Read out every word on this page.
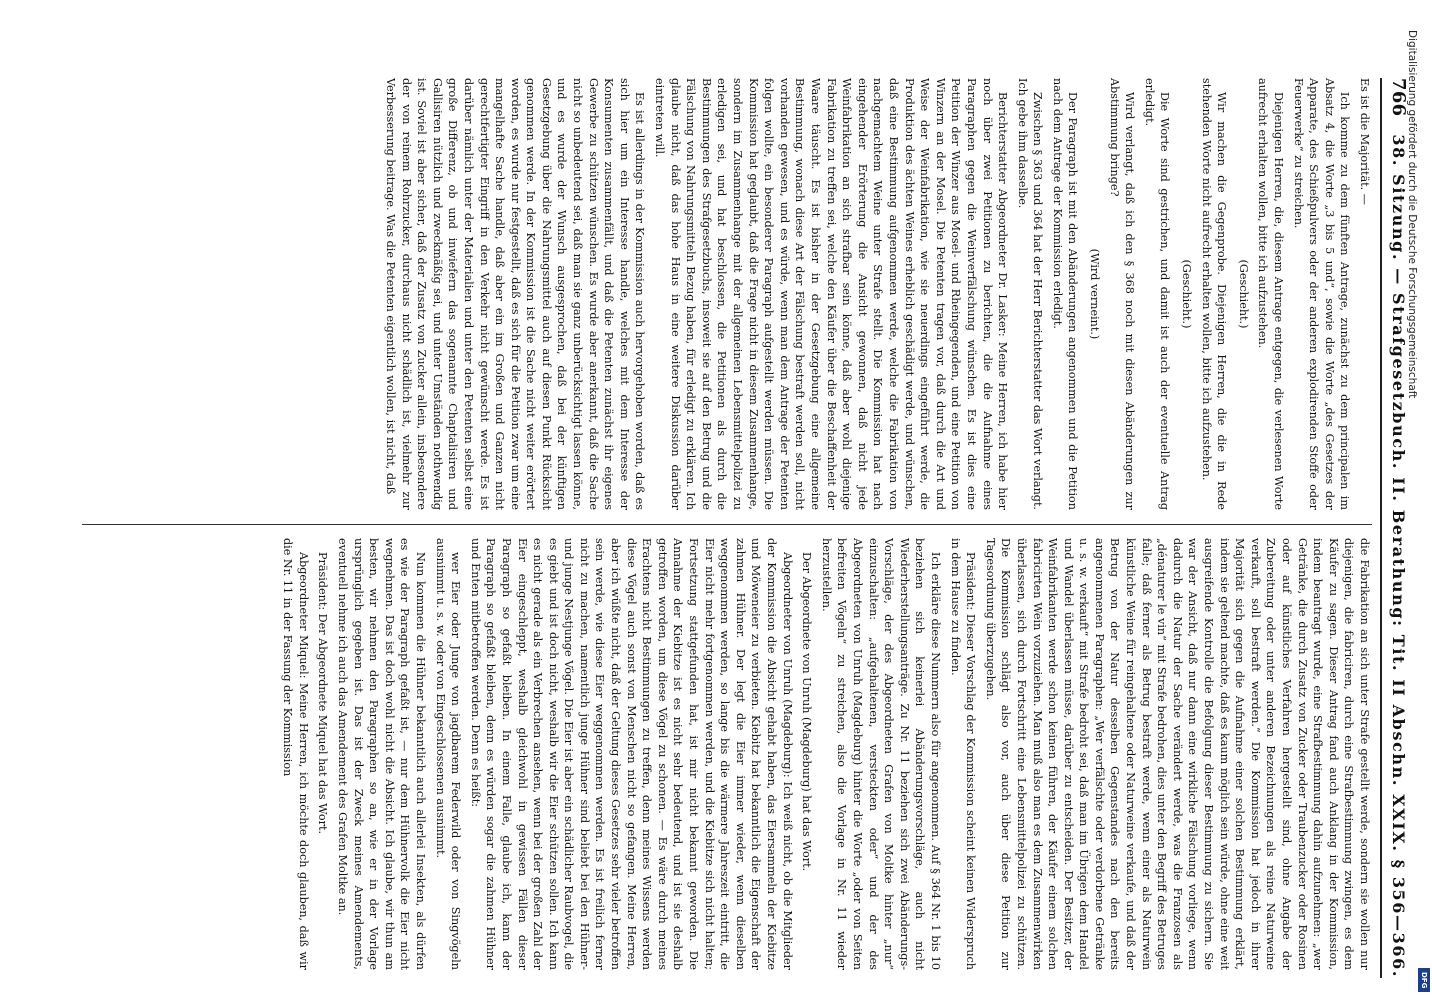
766
38. Sitzung. — Strafgesetzbuch. II. Berathung: Tit. II Abschn. XXIX. § 356—366.

Es ist die Majorität. —

Ich komme zu dem fünften Antrage, zunächst zu dem principalen im Absatz 4, die Worte „3 bis 5 und“, sowie die Worte „des Gesetzes der Apparate, des Schießpulvers oder der anderen explodirenden Stoffe oder Feuerwerke“ zu streichen.

Diejenigen Herren, die, diesem Antrage entgegen, die verlesenen Worte aufrecht erhalten wollen, bitte ich aufzustehen.

(Geschieht.)

Wir machen die Gegenprobe. Diejenigen Herren, die die in Rede stehenden Worte nicht aufrecht erhalten wollen, bitte ich aufzustehen.

(Geschieht.)

Die Worte sind gestrichen, und damit ist auch der eventuelle Antrag erledigt.

Wird verlangt, daß ich den § 368 noch mit diesen Abänderungen zur Abstimmung bringe?

(Wird verneint.)

Der Paragraph ist mit den Abänderungen angenommen und die Petition nach dem Antrage der Kommission erledigt.

Zwischen § 363 und 364 hat der Herr Berichterstatter das Wort verlangt. Ich gebe ihm dasselbe.

Berichterstatter Abgeordneter Dr. Lasker: Meine Herren, ich habe hier noch über zwei Petitionen zu berichten, die die Aufnahme eines Paragraphen gegen die Weinverfälschung wünschen. Es ist dies eine Petition der Winzer aus Mosel- und Rheingegenden, und eine Petition von Winzern an der Mosel. Die Petenten tragen vor, daß durch die Art und Weise der Weinfabrikation, wie sie neuerdings eingeführt werde, die Produktion des ächten Weines erheblich geschädigt werde, und wünschen, daß eine Bestimmung aufgenommen werde, welche die Fabrikation von nachgemachtem Weine unter Strafe stellt. Die Kommission hat nach eingehender Erörterung die Ansicht gewonnen, daß nicht jede Weinfabrikation an sich strafbar sein könne, daß aber wohl diejenige Fabrikation zu treffen sei, welche den Käufer über die Beschaffenheit der Waare täuscht. Es ist bisher in der Gesetzgebung eine allgemeine Bestimmung, wonach diese Art der Fälschung bestraft werden soll, nicht vorhanden gewesen, und es würde, wenn man dem Antrage der Petenten folgen wollte, ein besonderer Paragraph aufgestellt werden müssen. Die Kommission hat geglaubt, daß die Frage nicht in diesem Zusammenhange, sondern im Zusammenhange mit der allgemeinen Lebensmittelpolizei zu erledigen sei, und hat beschlossen, die Petitionen als durch die Bestimmungen des Strafgesetzbuchs, insoweit sie auf den Betrug und die Fälschung von Nahrungsmitteln Bezug haben, für erledigt zu erklären. Ich glaube nicht, daß das hohe Haus in eine weitere Diskussion darüber eintreten will.

Es ist allerdings in der Kommission auch hervorgehoben worden, daß es sich hier um ein Interesse handle, welches mit dem Interesse der Konsumenten zusammenfällt, und daß die Petenten zunächst ihr eigenes Gewerbe zu schützen wünschen. Es wurde aber anerkannt, daß die Sache nicht so unbedeutend sei, daß man sie ganz unberücksichtigt lassen könne, und es wurde der Wunsch ausgesprochen, daß bei der künftigen Gesetzgebung über die Nahrungsmittel auch auf diesen Punkt Rücksicht genommen werde. In der Kommission ist die Sache nicht weiter erörtert worden, es wurde nur festgestellt, daß es sich für die Petition zwar um eine mangelhafte Sache handle, daß aber ein im Großen und Ganzen nicht gerechtfertigter Eingriff in den Verkehr nicht gewünscht werde. Es ist darüber nämlich unter der Materialien und unter den Petenten selbst eine große Differenz, ob und inwiefern das sogenannte Chaptalisiren und Gallisiren nützlich und zweckmäßig sei, und unter Umständen nothwendig ist. Soviel ist aber sicher, daß der Zusatz von Zucker allein, insbesondere der von reinem Rohrzucker, durchaus nicht schädlich ist, vielmehr zur Verbesserung beitrage. Was die Petenten eigentlich wollen, ist nicht, daß

die Fabrikation an sich unter Strafe gestellt werde, sondern sie wollen nur diejenigen, die fabriciren, durch eine Strafbestimmung zwingen, es dem Käufer zu sagen. Dieser Antrag fand auch Anklang in der Kommission, indem beantragt wurde, eine Strafbestimmung dahin aufzunehmen: „wer Getränke, die durch Zusatz von Zucker oder Traubenzucker oder Rosinen oder auf künstliches Verfahren hergestellt sind, ohne Angabe der Zubereitung oder unter anderen Bezeichnungen als reine Naturweine verkauft, soll bestraft werden.“ Die Kommission hat jedoch in ihrer Majorität sich gegen die Aufnahme einer solchen Bestimmung erklärt, indem sie geltend machte, daß es kaum möglich sein würde, ohne eine weit ausgreifende Kontrolle die Befolgung dieser Bestimmung zu sichern. Sie war der Ansicht, daß nur dann eine wirkliche Fälschung vorliege, wenn dadurch die Natur der Sache verändert werde, was die Franzosen als „dénaturer le vin“ mit Strafe bedrohen, dies unter den Begriff des Betruges falle; daß ferner als Betrug bestraft werde, wenn einer als Naturwein künstliche Weine für reingehaltene oder Naturweine verkaufe, und daß der Betrug von der Natur desselben Gegenstandes nach den bereits angenommenen Paragraphen: „Wer verfälschte oder verdorbene Getränke u. s. w. verkauft“ mit Strafe bedroht sei, daß man im Übrigen dem Handel und Wandel überlassen müsse, darüber zu entscheiden. Der Besitzer, der Weinfabrikanten werde schon keinen führen, der Käufer einem solchen fabricirten Wein vorzuziehen. Man muß also man es dem Zusammenwirken überlassen, sich durch Fortschritt eine Lebensmittelpolizei zu schützen. Die Kommission schlägt also vor, auch über diese Petition zur Tagesordnung überzugehen.

Präsident: Dieser Vorschlag der Kommission scheint keinen Widerspruch in dem Hause zu finden.

Ich erkläre diese Nummern also für angenommen. Auf § 364 Nr. 1 bis 10 beziehen sich keinerlei Abänderungsvorschläge, auch nicht Wiederherstellungsanträge. Zu Nr. 11 beziehen sich zwei Abänderungs-Vorschläge, der des Abgeordneten Grafen von Moltke hinter „nur“ einzuschalten: „aufgehaltenen, versteckten oder“ und der des Abgeordneten von Unruh (Magdeburg) hinter die Worte „oder von Seiten befreiten Vögeln“ zu streichen, also die Vorlage in Nr. 11 wieder herzustellen.

Der Abgeordnete von Unruh (Magdeburg) hat das Wort.

Abgeordneter von Unruh (Magdeburg): Ich weiß nicht, ob die Mitglieder der Kommission die Absicht gehabt haben, das Eiersammeln der Kiebitze und Möweneier zu verbieten. Kiebitz hat bekanntlich die Eigenschaft der zahmen Hühner. Der legt die Eier immer wieder, wenn dieselben weggenommen werden, so lange bis die wärmere Jahreszeit eintritt, die Eier nicht mehr fortgenommen werden, und die Kiebitze sich nicht halten; Fortsetzung stattgefunden hat, ist mir nicht bekannt geworden. Die Annahme der Kiebitze ist es nicht sehr bedeutend, und ist sie deshalb getroffen worden, um diese Vögel zu schonen. — Es wäre durch meines Erachtens nicht Bestimmungen zu treffen, denn meines Wissens werden diese Vögel auch sonst von Menschen nicht so gefangen. Meine Herren, aber ich wüßte nicht, daß der Geltung dieses Gesetzes sehr vieler betroffen sein werde, wie diese Eier weggenommen werden. Es ist freilich ferner nicht zu machen, namentlich junge Hühner sind beliebt bei den Hühner- und junge Nestjunge Vögel. Die Eier ist aber ein schädlicher Raubvogel, die es giebt und ist doch nicht, weshalb wir die Eier schützen sollen. Ich kann es nicht gerade als ein Verbrechen ansehen, wenn bei der großen Zahl der Eier eingeschleppt, weshalb gleichwohl in gewissen Fällen dieser Paragraph so gefaßt bleiben. In einem Falle, glaube ich, kann der Paragraph so gefaßt bleiben, denn es würden sogar die zahmen Hühner und Enten mitbetroffen werden. Denn es heißt:

wer Eier oder Junge von jagdbarem Federwild oder von Singvögeln ausnimmt u. s. w. oder von Eingeschlossenen ausnimmt.

Nun kommen die Hühner bekanntlich auch allerlei Insekten, als dürfen es wie der Paragraph gefaßt ist, — nur dem Hühnervolk die Eier nicht wegnehmen. Das ist doch wohl nicht die Absicht. Ich glaube, wir thun am besten, wir nehmen den Paragraphen so an, wie er in der Vorlage ursprünglich gegeben ist. Das ist der Zweck meines Amendements, eventuell nehme ich auch das Amendement des Grafen Moltke an.

Präsident: Der Abgeordnete Miquel hat das Wort.

Abgeordneter Miquel: Meine Herren, ich möchte doch glauben, daß wir die Nr. 11 in der Fassung der Kommission

Digitalisierung gefördert durch die Deutsche Forschungsgemeinschaft
DFG
